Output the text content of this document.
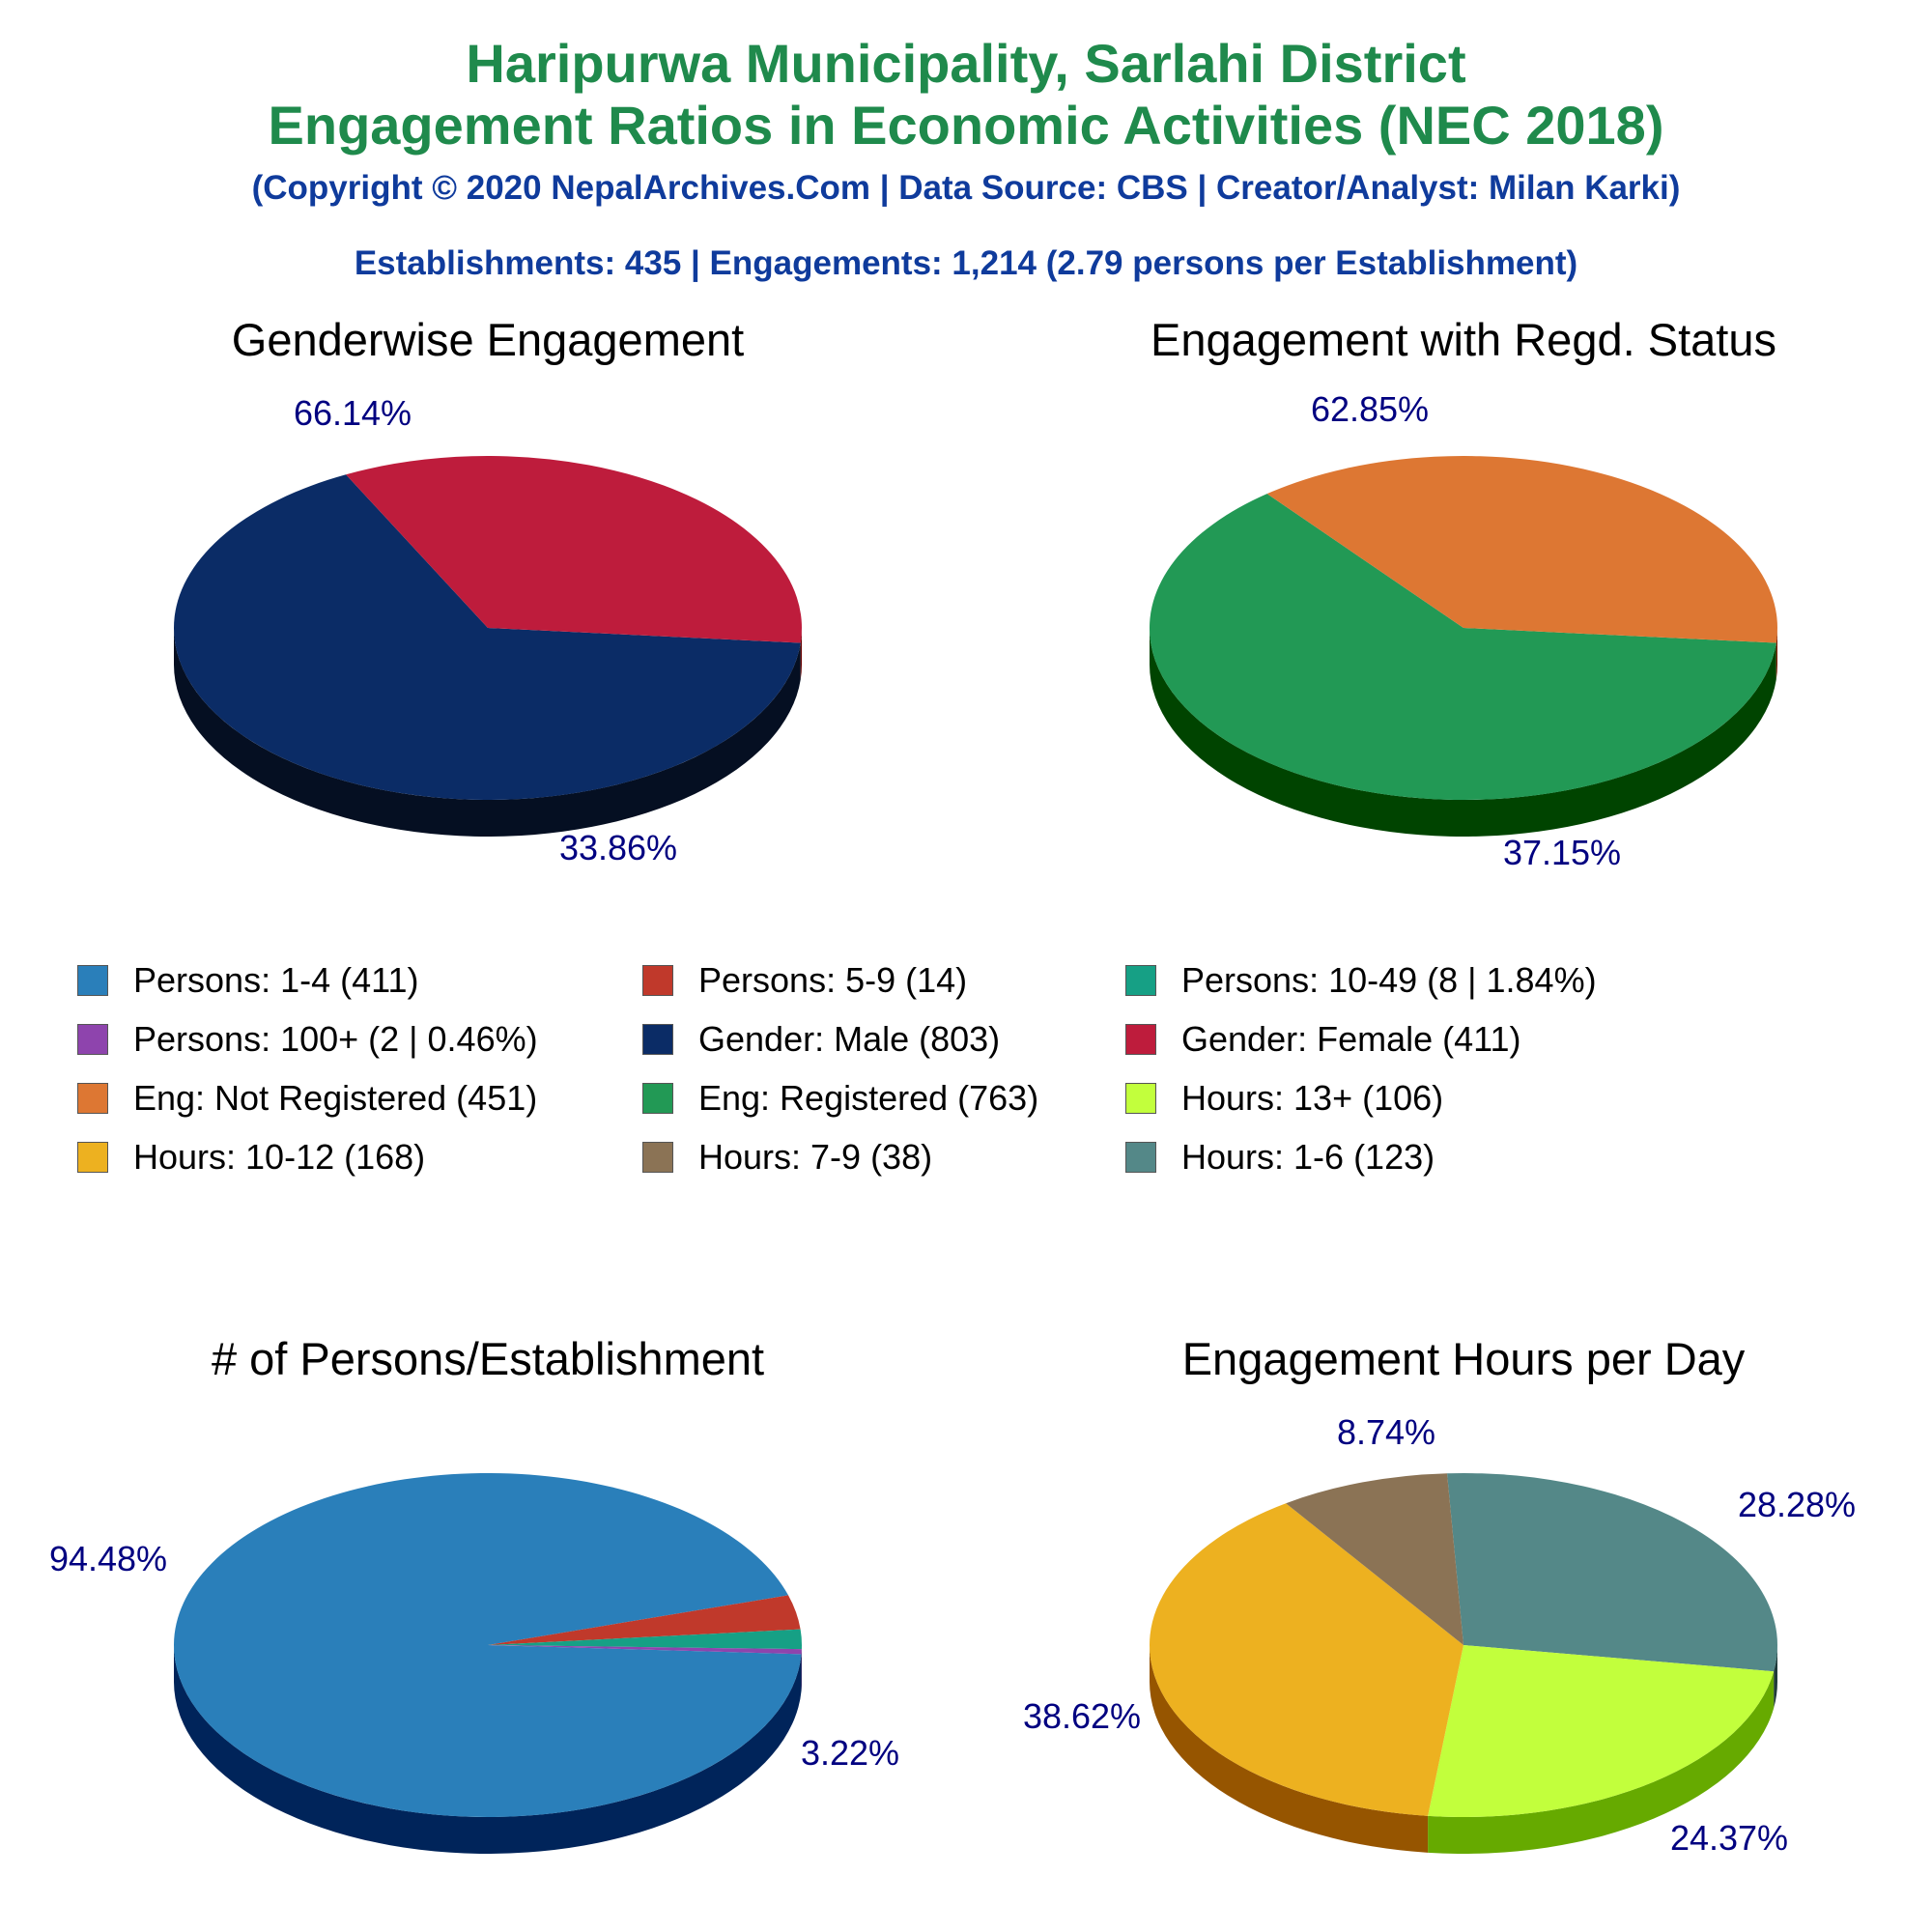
Haripurwa Municipality, Sarlahi District
Engagement Ratios in Economic Activities (NEC 2018)
(Copyright © 2020 NepalArchives.Com | Data Source: CBS | Creator/Analyst: Milan Karki)
Establishments: 435 | Engagements: 1,214 (2.79 persons per Establishment)
Genderwise Engagement
66.14%
33.86%
Engagement with Regd. Status
62.85%
37.15%
# of Persons/Establishment
94.48%
3.22%
Engagement Hours per Day
28.28%
24.37%
38.62%
8.74%
Persons: 1-4 (411)	Persons: 5-9 (14)	Persons: 10-49 (8 | 1.84%)
Persons: 100+ (2 | 0.46%)	Gender: Male (803)	Gender: Female (411)
Eng: Not Registered (451)	Eng: Registered (763)	Hours: 13+ (106)
Hours: 10-12 (168)	Hours: 7-9 (38)	Hours: 1-6 (123)
